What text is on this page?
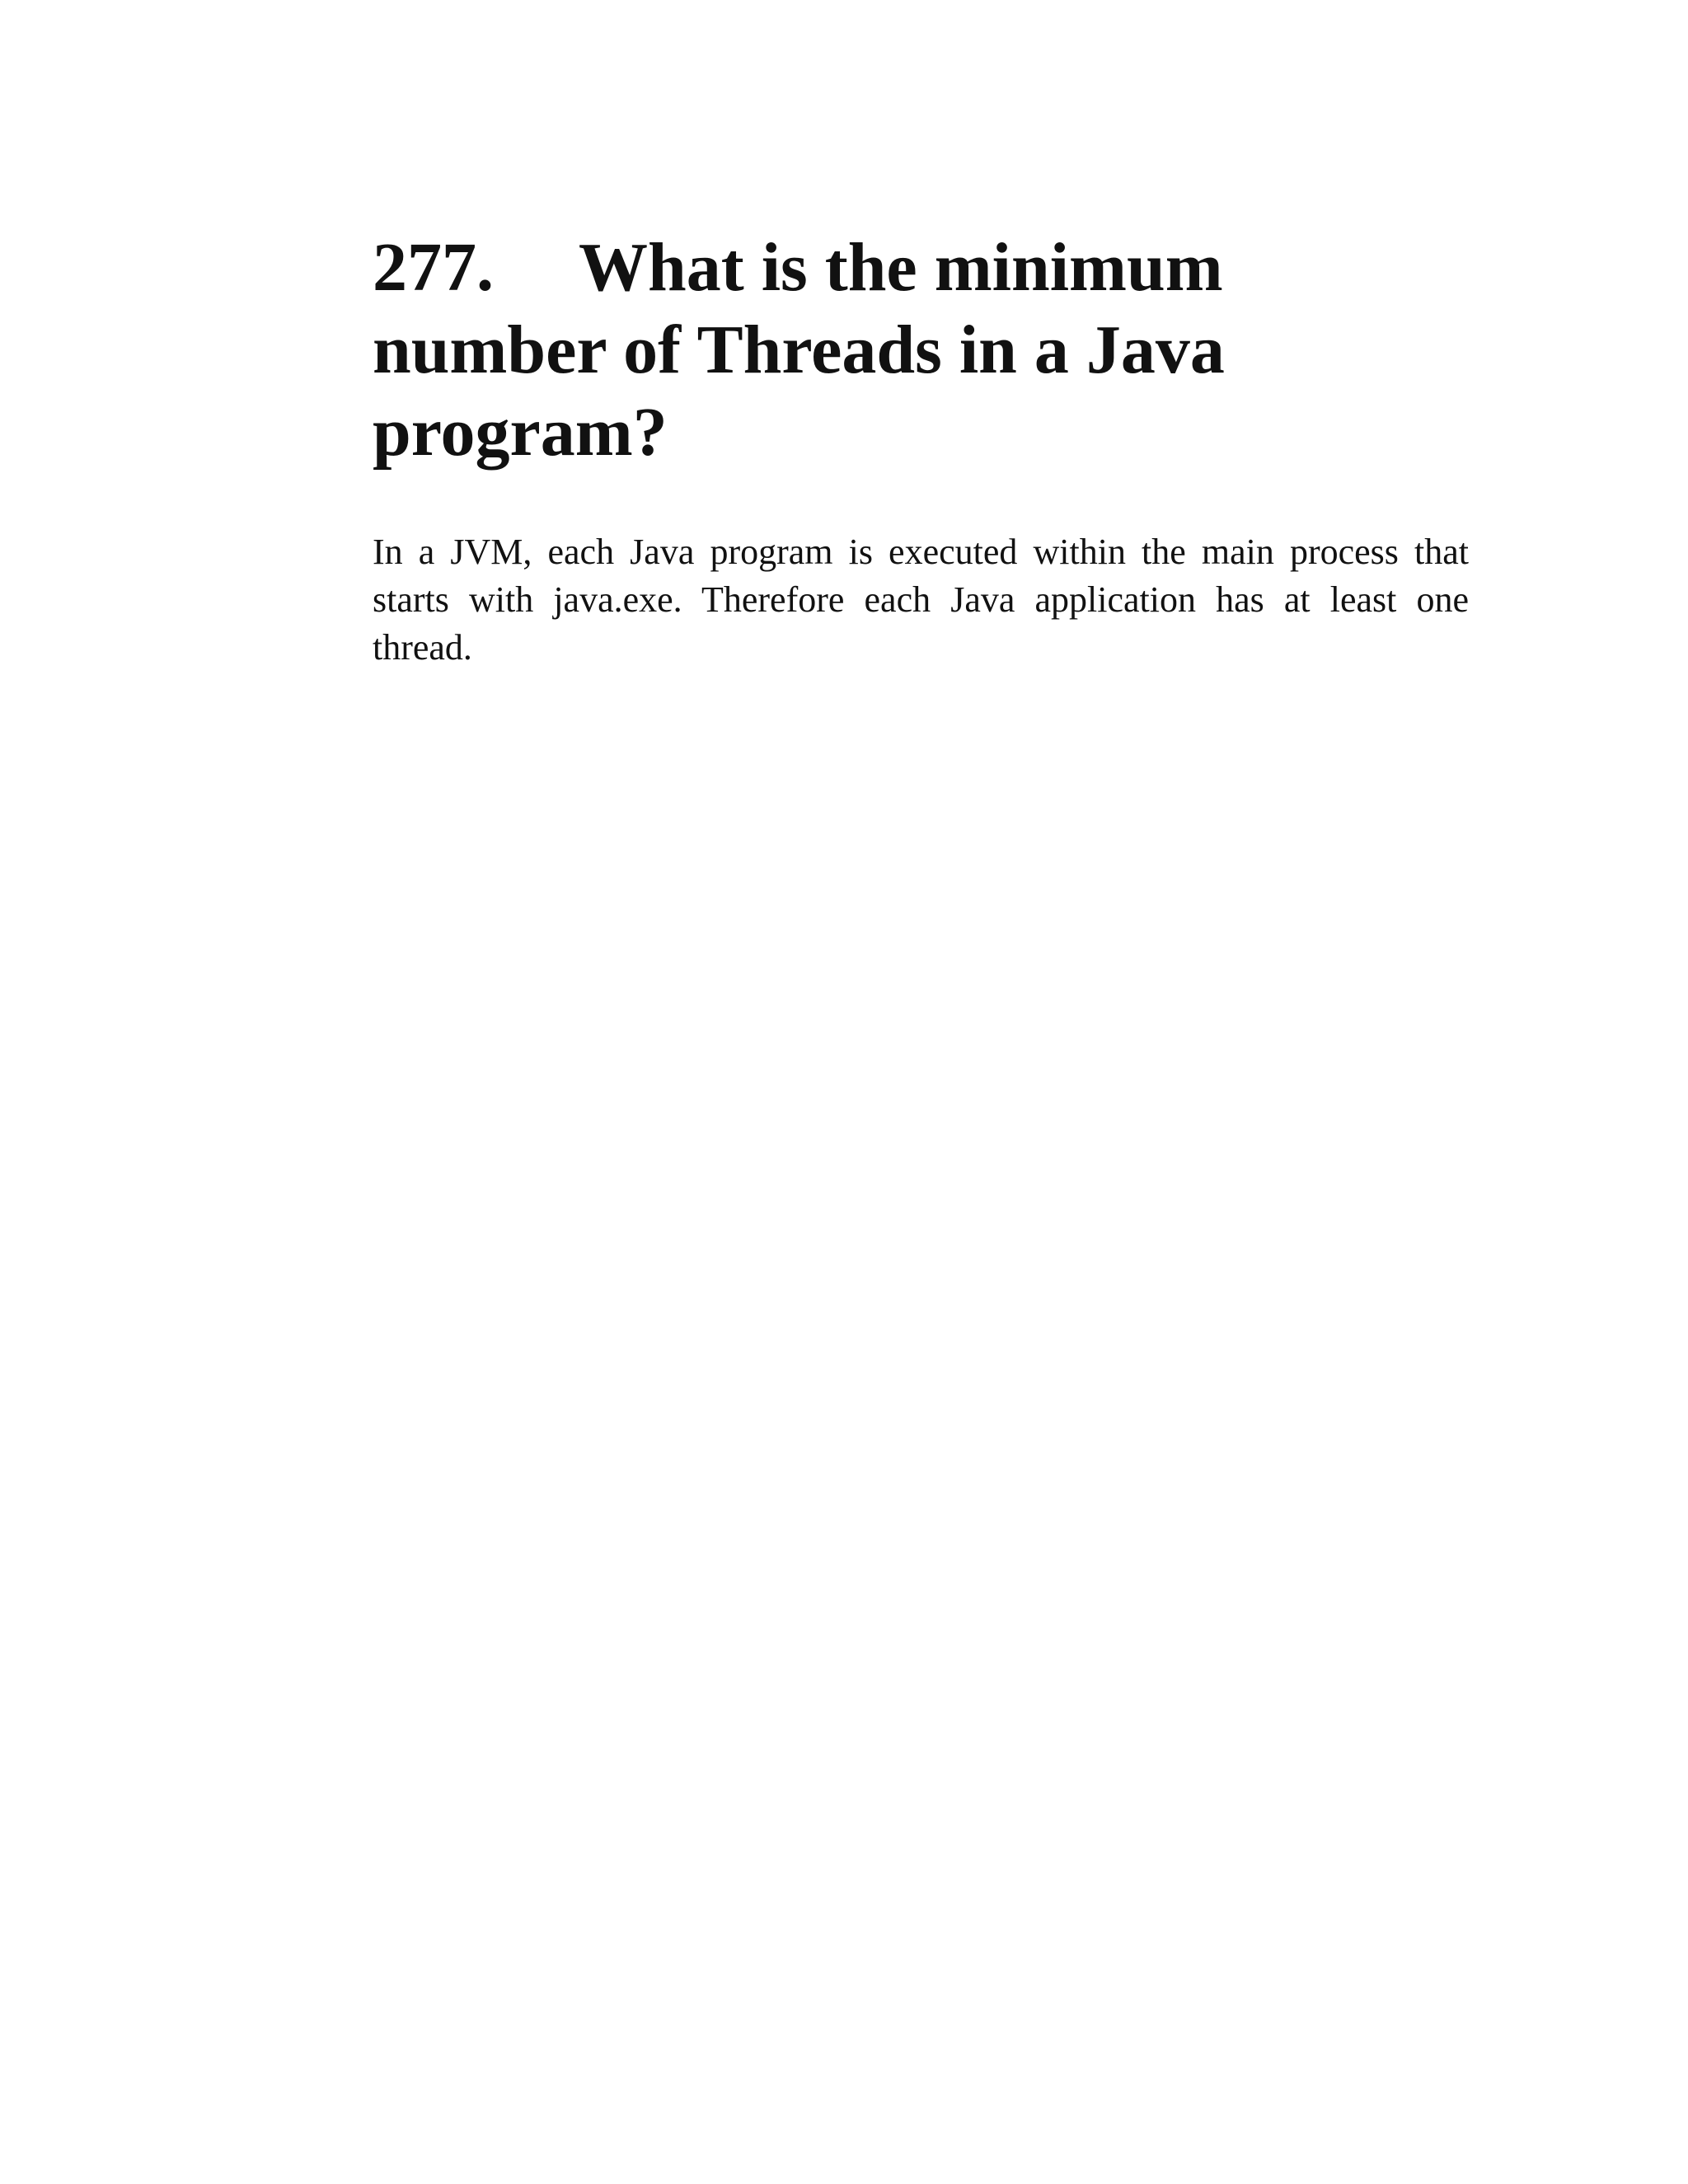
277. What is the minimum number of Threads in a Java program?

In a JVM, each Java program is executed within the main process that starts with java.exe. Therefore each Java application has at least one thread.
